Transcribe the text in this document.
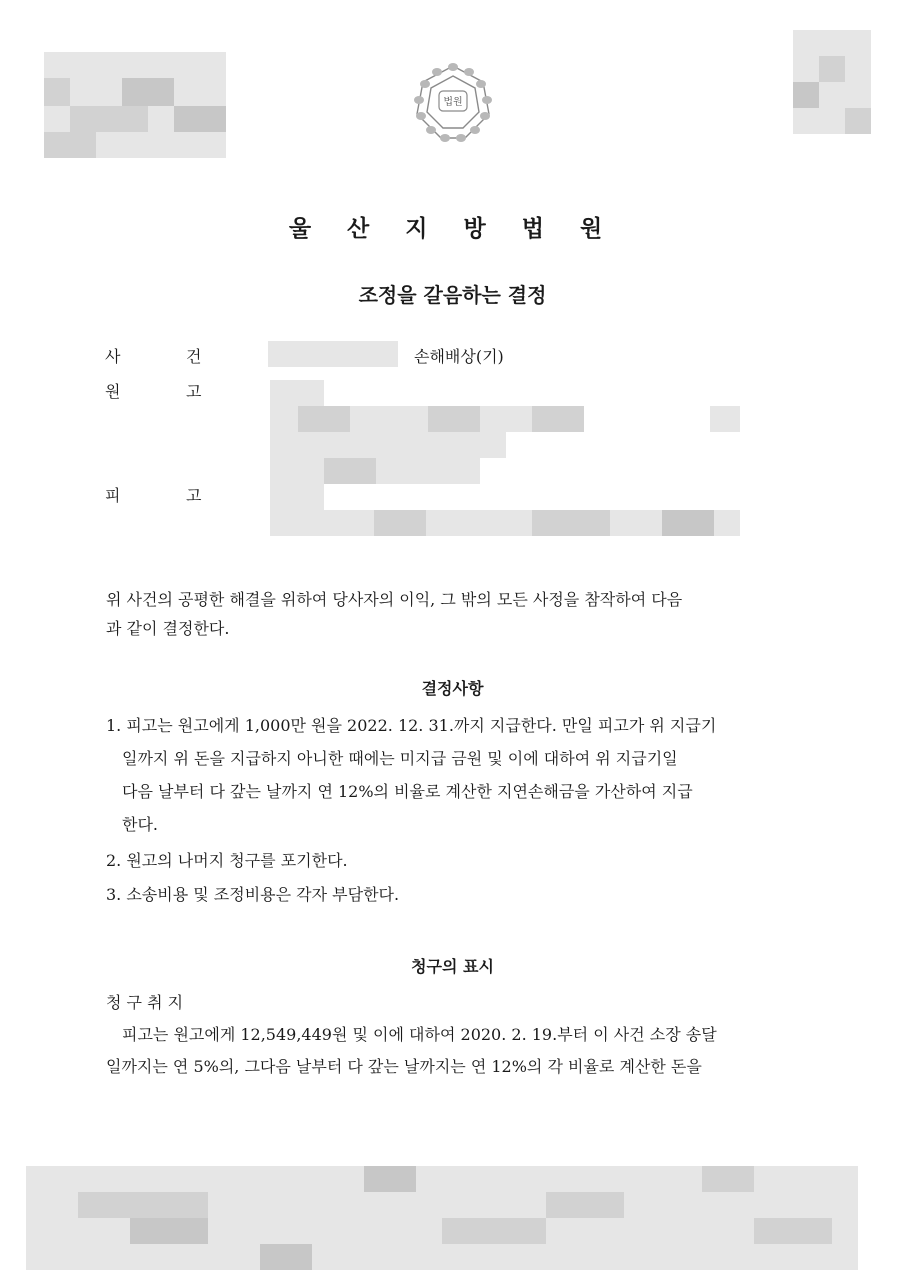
법원
울 산 지 방 법 원
조정을 갈음하는 결정
사	건	손해배상(기)
원	고
피	고
위 사건의 공평한 해결을 위하여 당사자의 이익, 그 밖의 모든 사정을 참작하여 다음
과 같이 결정한다.
결정사항
1. 피고는 원고에게 1,000만 원을 2022. 12. 31.까지 지급한다. 만일 피고가 위 지급기
일까지 위 돈을 지급하지 아니한 때에는 미지급 금원 및 이에 대하여 위 지급기일
다음 날부터 다 갚는 날까지 연 12%의 비율로 계산한 지연손해금을 가산하여 지급
한다.
2. 원고의 나머지 청구를 포기한다.
3. 소송비용 및 조정비용은 각자 부담한다.
청구의 표시
청 구 취 지
피고는 원고에게 12,549,449원 및 이에 대하여 2020. 2. 19.부터 이 사건 소장 송달
일까지는 연 5%의, 그다음 날부터 다 갚는 날까지는 연 12%의 각 비율로 계산한 돈을
